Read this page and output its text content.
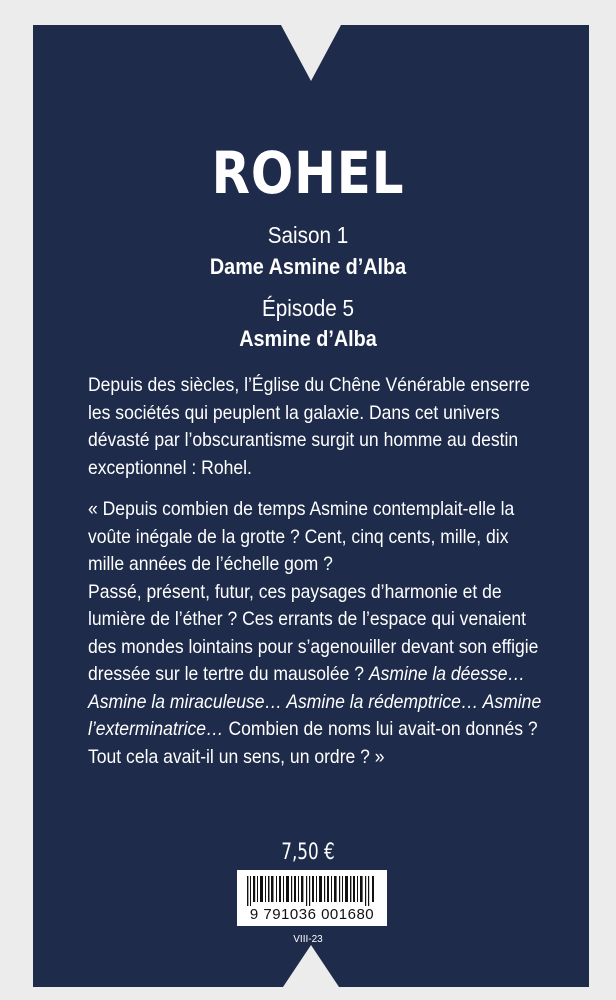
ROHEL
Saison 1
Dame Asmine d’Alba
Épisode 5
Asmine d’Alba

Depuis des siècles, l’Église du Chêne Vénérable enserre les sociétés qui peuplent la galaxie. Dans cet univers dévasté par l’obscurantisme surgit un homme au destin exceptionnel : Rohel.

« Depuis combien de temps Asmine contemplait-elle la voûte inégale de la grotte ? Cent, cinq cents, mille, dix mille années de l’échelle gom ?

Passé, présent, futur, ces paysages d’harmonie et de lumière de l’éther ? Ces errants de l’espace qui venaient des mondes lointains pour s’agenouiller devant son effigie dressée sur le tertre du mausolée ? Asmine la déesse… Asmine la miraculeuse… Asmine la rédemptrice… Asmine l’exterminatrice… Combien de noms lui avait-on donnés ? Tout cela avait-il un sens, un ordre ? »

7,50 €
9 791036 001680
VIII-23
